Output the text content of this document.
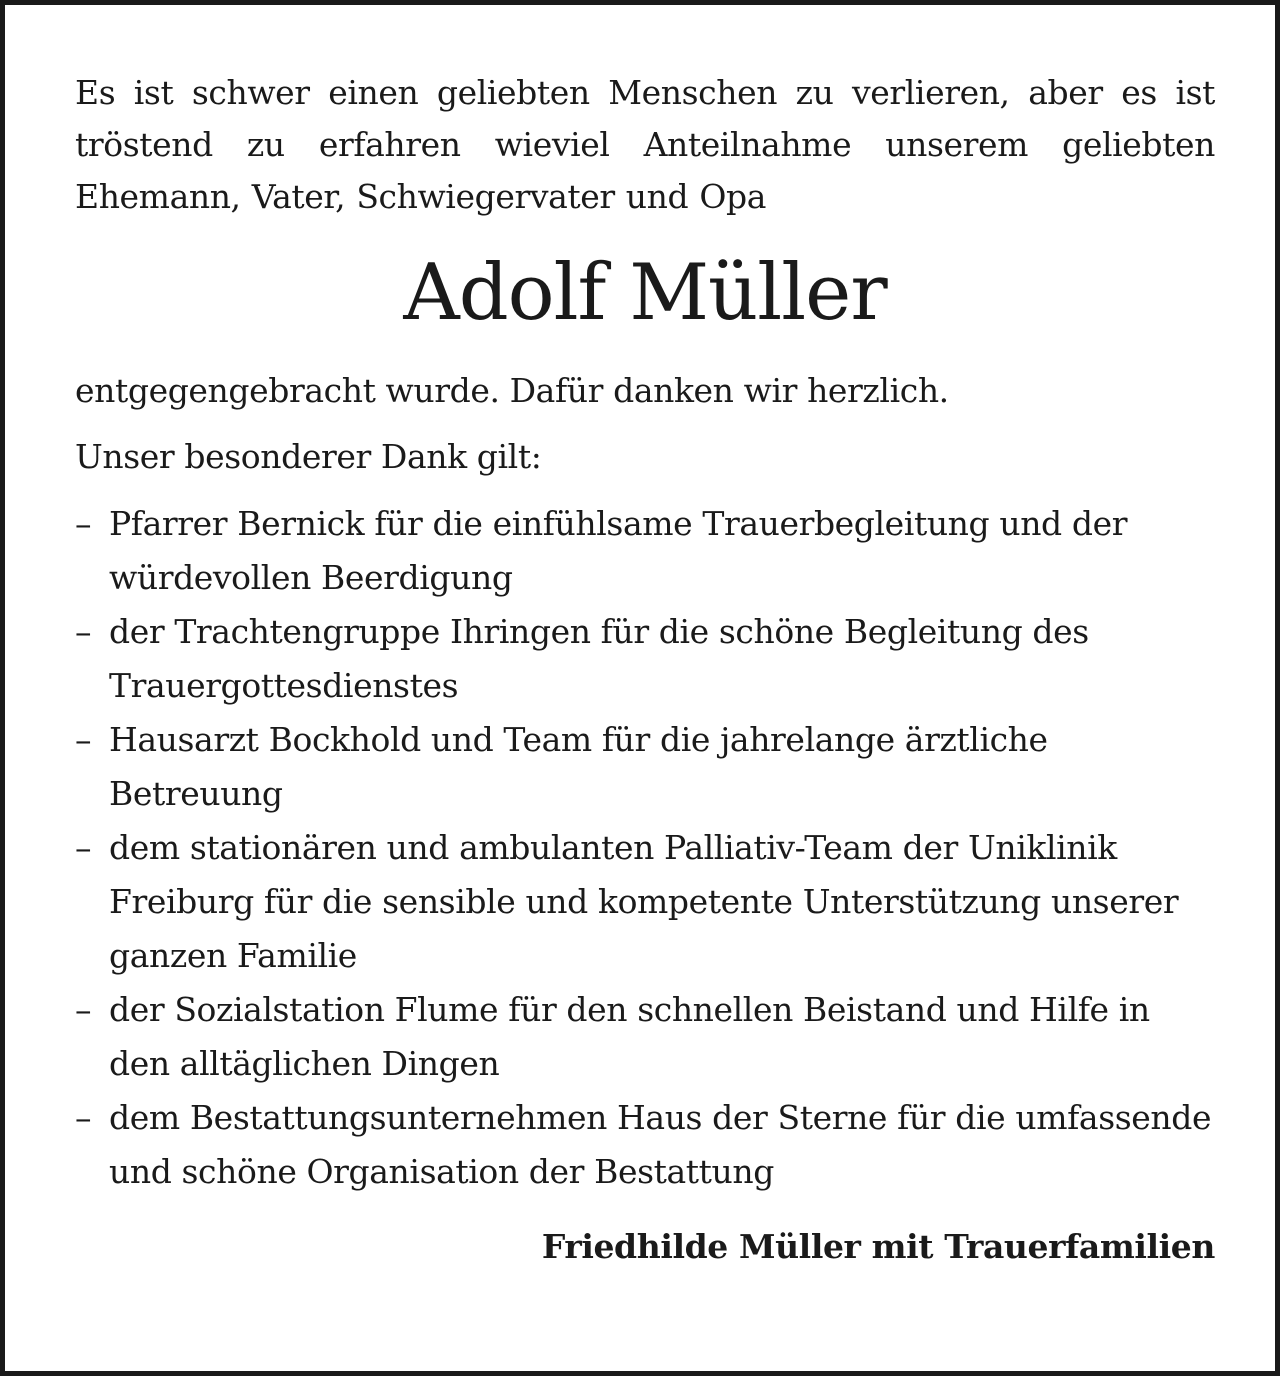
Es ist schwer einen geliebten Menschen zu verlieren, aber es ist tröstend zu erfahren wieviel Anteilnahme unserem geliebten Ehemann, Vater, Schwiegervater und Opa

Adolf Müller

entgegengebracht wurde. Dafür danken wir herzlich.

Unser besonderer Dank gilt:

– Pfarrer Bernick für die einfühlsame Trauerbegleitung und der würdevollen Beerdigung
– der Trachtengruppe Ihringen für die schöne Begleitung des Trauergottesdienstes
– Hausarzt Bockhold und Team für die jahrelange ärztliche Betreuung
– dem stationären und ambulanten Palliativ-Team der Uniklinik Freiburg für die sensible und kompetente Unterstützung unserer ganzen Familie
– der Sozialstation Flume für den schnellen Beistand und Hilfe in den alltäglichen Dingen
– dem Bestattungsunternehmen Haus der Sterne für die umfassende und schöne Organisation der Bestattung
Friedhilde Müller mit Trauerfamilien
